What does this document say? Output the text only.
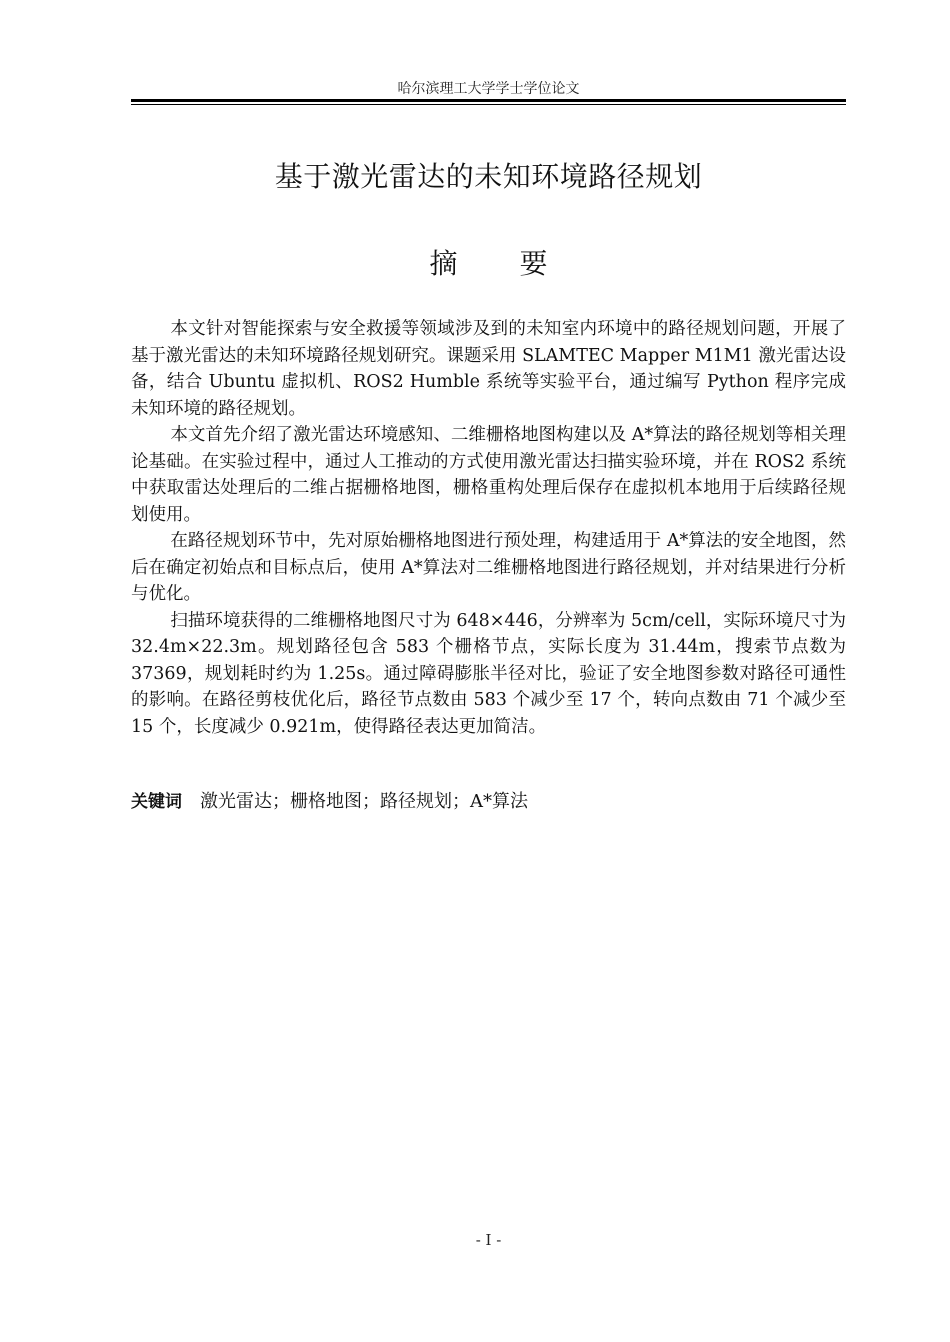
哈尔滨理工大学学士学位论文
基于激光雷达的未知环境路径规划
摘要

本文针对智能探索与安全救援等领域涉及到的未知室内环境中的路径规划问题，开展了基于激光雷达的未知环境路径规划研究。课题采用 SLAMTEC Mapper M1M1 激光雷达设备，结合 Ubuntu 虚拟机、ROS2 Humble 系统等实验平台，通过编写 Python 程序完成未知环境的路径规划。

本文首先介绍了激光雷达环境感知、二维栅格地图构建以及 A*算法的路径规划等相关理论基础。在实验过程中，通过人工推动的方式使用激光雷达扫描实验环境，并在 ROS2 系统中获取雷达处理后的二维占据栅格地图，栅格重构处理后保存在虚拟机本地用于后续路径规划使用。

在路径规划环节中，先对原始栅格地图进行预处理，构建适用于 A*算法的安全地图，然后在确定初始点和目标点后，使用 A*算法对二维栅格地图进行路径规划，并对结果进行分析与优化。

扫描环境获得的二维栅格地图尺寸为 648×446，分辨率为 5cm/cell，实际环境尺寸为 32.4m×22.3m。规划路径包含 583 个栅格节点，实际长度为 31.44m，搜索节点数为 37369，规划耗时约为 1.25s。通过障碍膨胀半径对比，验证了安全地图参数对路径可通性的影响。在路径剪枝优化后，路径节点数由 583 个减少至 17 个，转向点数由 71 个减少至 15 个，长度减少 0.921m，使得路径表达更加简洁。

关键词 激光雷达；栅格地图；路径规划；A*算法
- I -
